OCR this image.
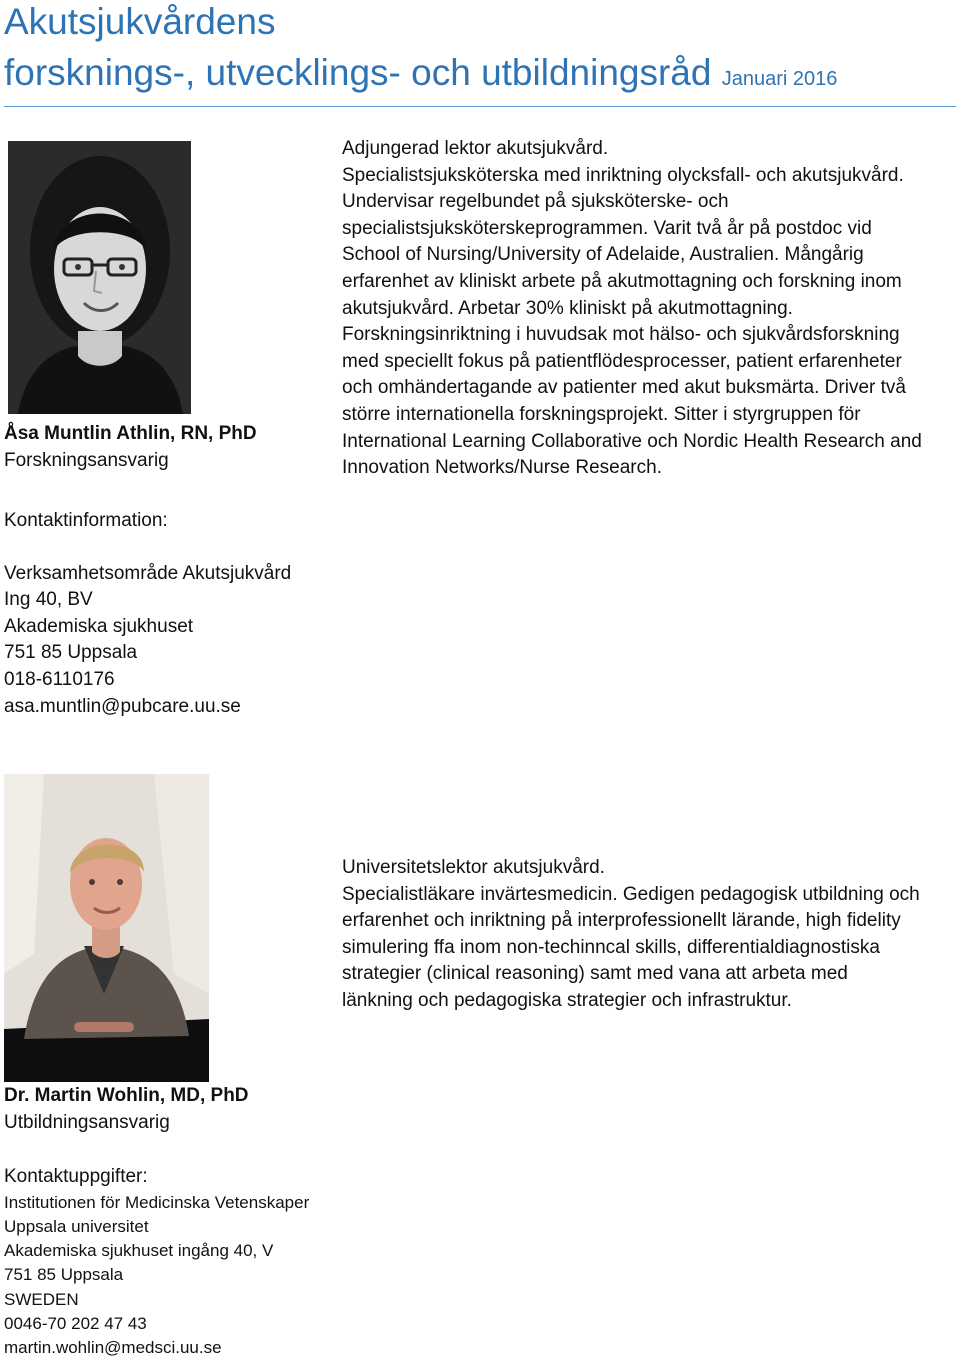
Akutsjukvårdens
forsknings-, utvecklings- och utbildningsråd Januari 2016
Adjungerad lektor akutsjukvård.
Specialistsjuksköterska med inriktning olycksfall- och akutsjukvård.
Undervisar regelbundet på sjuksköterske- och
specialistsjuksköterskeprogrammen. Varit två år på postdoc vid
School of Nursing/University of Adelaide, Australien. Mångårig
erfarenhet av kliniskt arbete på akutmottagning och forskning inom
akutsjukvård. Arbetar 30% kliniskt på akutmottagning.
Forskningsinriktning i huvudsak mot hälso- och sjukvårdsforskning
med speciellt fokus på patientflödesprocesser, patient erfarenheter
och omhändertagande av patienter med akut buksmärta. Driver två
större internationella forskningsprojekt. Sitter i styrgruppen för
International Learning Collaborative och Nordic Health Research and
Innovation Networks/Nurse Research.
Åsa Muntlin Athlin, RN, PhD
Forskningsansvarig
Kontaktinformation:
Verksamhetsområde Akutsjukvård
Ing 40, BV
Akademiska sjukhuset
751 85 Uppsala
018-6110176
asa.muntlin@pubcare.uu.se
Universitetslektor akutsjukvård.
Specialistläkare invärtesmedicin. Gedigen pedagogisk utbildning och
erfarenhet och inriktning på interprofessionellt lärande, high fidelity
simulering ffa inom non-techinncal skills, differentialdiagnostiska
strategier (clinical reasoning) samt med vana att arbeta med
länkning och pedagogiska strategier och infrastruktur.
Dr. Martin Wohlin, MD, PhD
Utbildningsansvarig
Kontaktuppgifter:
Institutionen för Medicinska Vetenskaper
Uppsala universitet
Akademiska sjukhuset ingång 40, V
751 85 Uppsala
SWEDEN
0046-70 202 47 43
martin.wohlin@medsci.uu.se
